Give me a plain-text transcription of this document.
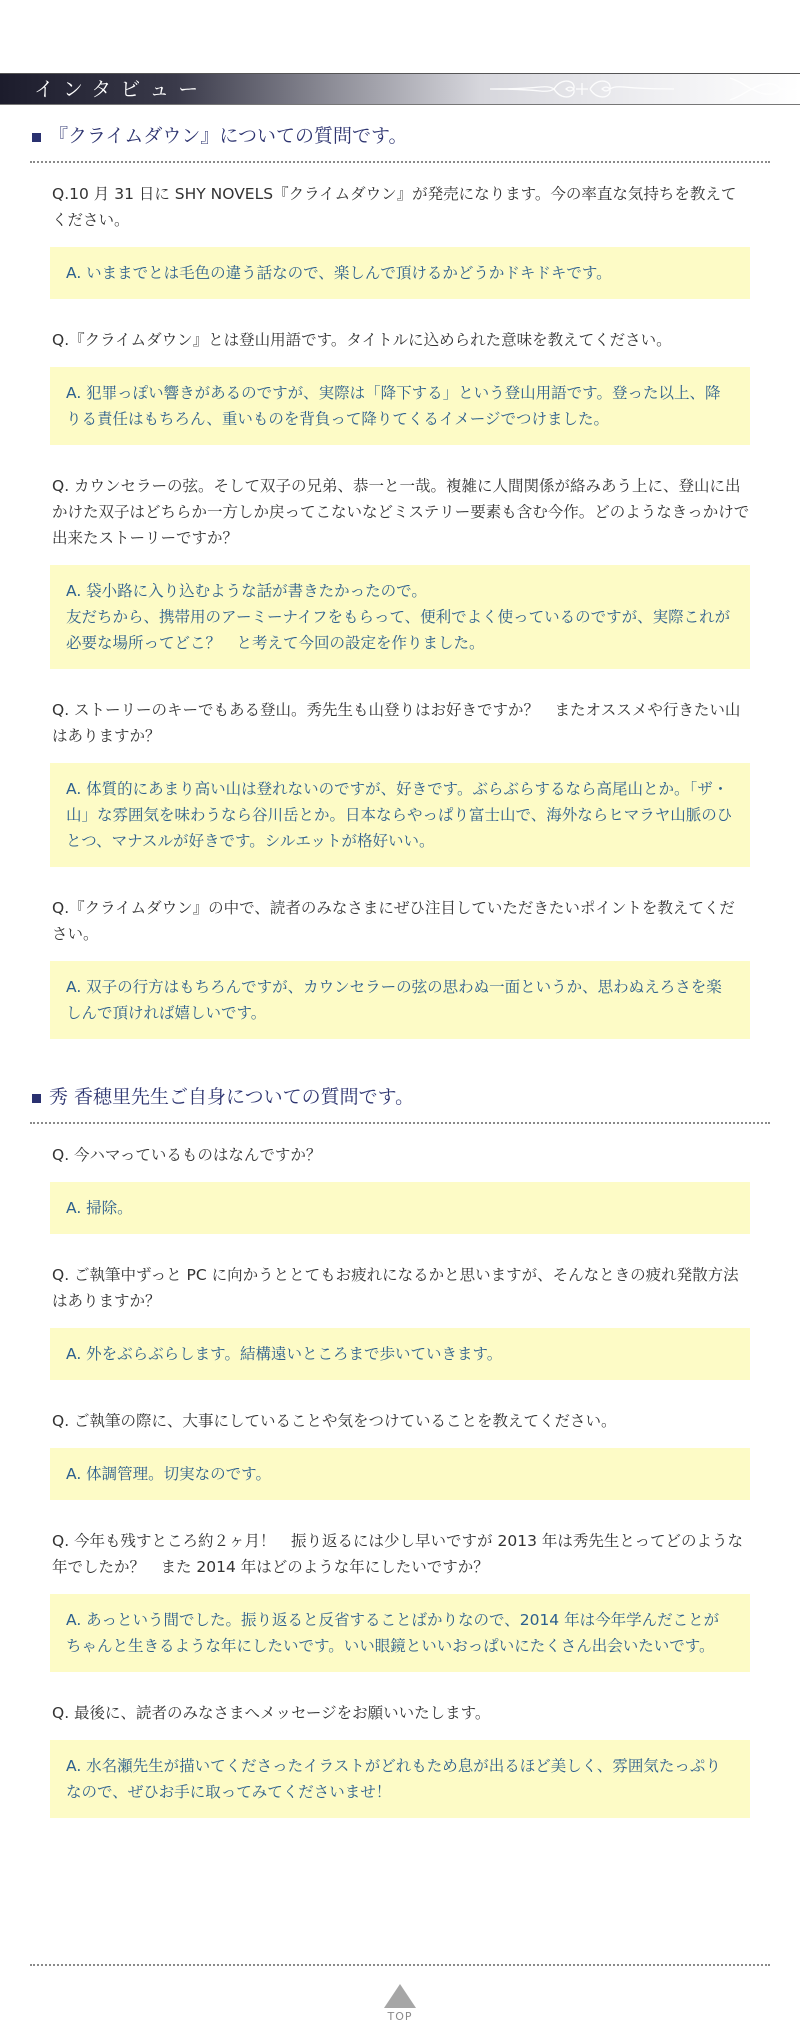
インタビュー
『クライムダウン』についての質問です。
Q.10 月 31 日に SHY NOVELS『クライムダウン』が発売になります。今の率直な気持ちを教えてください。
A. いままでとは毛色の違う話なので、楽しんで頂けるかどうかドキドキです。
Q.『クライムダウン』とは登山用語です。タイトルに込められた意味を教えてください。
A. 犯罪っぽい響きがあるのですが、実際は「降下する」という登山用語です。登った以上、降りる責任はもちろん、重いものを背負って降りてくるイメージでつけました。
Q. カウンセラーの弦。そして双子の兄弟、恭一と一哉。複雑に人間関係が絡みあう上に、登山に出かけた双子はどちらか一方しか戻ってこないなどミステリー要素も含む今作。どのようなきっかけで出来たストーリーですか？
A. 袋小路に入り込むような話が書きたかったので。
友だちから、携帯用のアーミーナイフをもらって、便利でよく使っているのですが、実際これが必要な場所ってどこ？　と考えて今回の設定を作りました。
Q. ストーリーのキーでもある登山。秀先生も山登りはお好きですか？　またオススメや行きたい山はありますか？
A. 体質的にあまり高い山は登れないのですが、好きです。ぶらぶらするなら高尾山とか。「ザ・山」な雰囲気を味わうなら谷川岳とか。日本ならやっぱり富士山で、海外ならヒマラヤ山脈のひとつ、マナスルが好きです。シルエットが格好いい。
Q.『クライムダウン』の中で、読者のみなさまにぜひ注目していただきたいポイントを教えてください。
A. 双子の行方はもちろんですが、カウンセラーの弦の思わぬ一面というか、思わぬえろさを楽しんで頂ければ嬉しいです。
秀 香穂里先生ご自身についての質問です。
Q. 今ハマっているものはなんですか？
A. 掃除。
Q. ご執筆中ずっと PC に向かうととてもお疲れになるかと思いますが、そんなときの疲れ発散方法はありますか？
A. 外をぶらぶらします。結構遠いところまで歩いていきます。
Q. ご執筆の際に、大事にしていることや気をつけていることを教えてください。
A. 体調管理。切実なのです。
Q. 今年も残すところ約２ヶ月！　振り返るには少し早いですが 2013 年は秀先生とってどのような年でしたか？　また 2014 年はどのような年にしたいですか？
A. あっという間でした。振り返ると反省することばかりなので、2014 年は今年学んだことがちゃんと生きるような年にしたいです。いい眼鏡といいおっぱいにたくさん出会いたいです。
Q. 最後に、読者のみなさまへメッセージをお願いいたします。
A. 水名瀬先生が描いてくださったイラストがどれもため息が出るほど美しく、雰囲気たっぷりなので、ぜひお手に取ってみてくださいませ！
TOP
